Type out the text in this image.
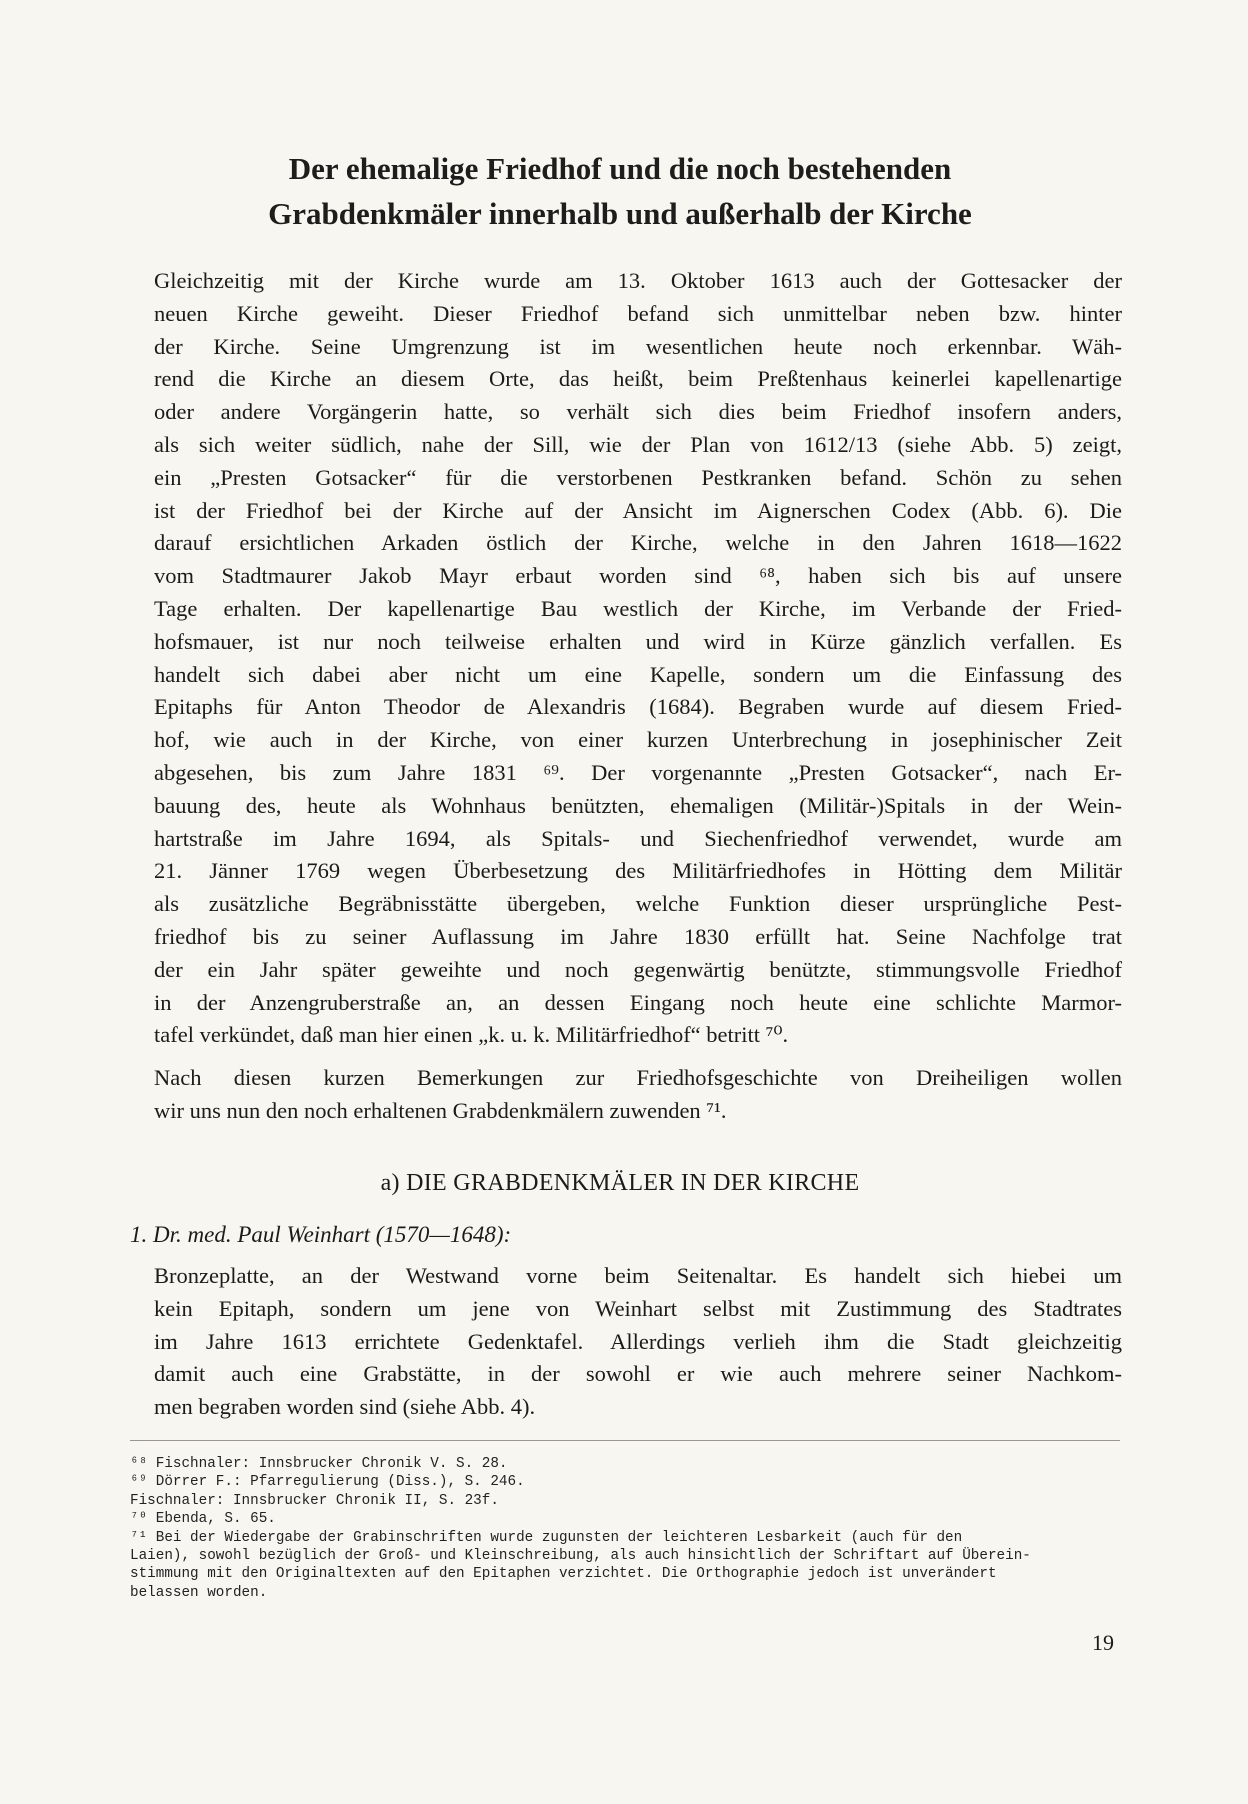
Der ehemalige Friedhof und die noch bestehenden
Grabdenkmäler innerhalb und außerhalb der Kirche
Gleichzeitig mit der Kirche wurde am 13. Oktober 1613 auch der Gottesacker der
neuen Kirche geweiht. Dieser Friedhof befand sich unmittelbar neben bzw. hinter
der Kirche. Seine Umgrenzung ist im wesentlichen heute noch erkennbar. Wäh-
rend die Kirche an diesem Orte, das heißt, beim Preßtenhaus keinerlei kapellenartige
oder andere Vorgängerin hatte, so verhält sich dies beim Friedhof insofern anders,
als sich weiter südlich, nahe der Sill, wie der Plan von 1612/13 (siehe Abb. 5) zeigt,
ein „Presten Gotsacker“ für die verstorbenen Pestkranken befand. Schön zu sehen
ist der Friedhof bei der Kirche auf der Ansicht im Aignerschen Codex (Abb. 6). Die
darauf ersichtlichen Arkaden östlich der Kirche, welche in den Jahren 1618—1622
vom Stadtmaurer Jakob Mayr erbaut worden sind ⁶⁸, haben sich bis auf unsere
Tage erhalten. Der kapellenartige Bau westlich der Kirche, im Verbande der Fried-
hofsmauer, ist nur noch teilweise erhalten und wird in Kürze gänzlich verfallen. Es
handelt sich dabei aber nicht um eine Kapelle, sondern um die Einfassung des
Epitaphs für Anton Theodor de Alexandris (1684). Begraben wurde auf diesem Fried-
hof, wie auch in der Kirche, von einer kurzen Unterbrechung in josephinischer Zeit
abgesehen, bis zum Jahre 1831 ⁶⁹. Der vorgenannte „Presten Gotsacker“, nach Er-
bauung des, heute als Wohnhaus benützten, ehemaligen (Militär-)Spitals in der Wein-
hartstraße im Jahre 1694, als Spitals- und Siechenfriedhof verwendet, wurde am
21. Jänner 1769 wegen Überbesetzung des Militärfriedhofes in Hötting dem Militär
als zusätzliche Begräbnisstätte übergeben, welche Funktion dieser ursprüngliche Pest-
friedhof bis zu seiner Auflassung im Jahre 1830 erfüllt hat. Seine Nachfolge trat
der ein Jahr später geweihte und noch gegenwärtig benützte, stimmungsvolle Friedhof
in der Anzengruberstraße an, an dessen Eingang noch heute eine schlichte Marmor-
tafel verkündet, daß man hier einen „k. u. k. Militärfriedhof“ betritt ⁷⁰.
Nach diesen kurzen Bemerkungen zur Friedhofsgeschichte von Dreiheiligen wollen
wir uns nun den noch erhaltenen Grabdenkmälern zuwenden ⁷¹.
a) DIE GRABDENKMÄLER IN DER KIRCHE
1. Dr. med. Paul Weinhart (1570—1648):
Bronzeplatte, an der Westwand vorne beim Seitenaltar. Es handelt sich hiebei um
kein Epitaph, sondern um jene von Weinhart selbst mit Zustimmung des Stadtrates
im Jahre 1613 errichtete Gedenktafel. Allerdings verlieh ihm die Stadt gleichzeitig
damit auch eine Grabstätte, in der sowohl er wie auch mehrere seiner Nachkom-
men begraben worden sind (siehe Abb. 4).
⁶⁸ Fischnaler: Innsbrucker Chronik V. S. 28.
⁶⁹ Dörrer F.: Pfarregulierung (Diss.), S. 246.
Fischnaler: Innsbrucker Chronik II, S. 23f.
⁷⁰ Ebenda, S. 65.
⁷¹ Bei der Wiedergabe der Grabinschriften wurde zugunsten der leichteren Lesbarkeit (auch für den
Laien), sowohl bezüglich der Groß- und Kleinschreibung, als auch hinsichtlich der Schriftart auf Überein-
stimmung mit den Originaltexten auf den Epitaphen verzichtet. Die Orthographie jedoch ist unverändert
belassen worden.
19
